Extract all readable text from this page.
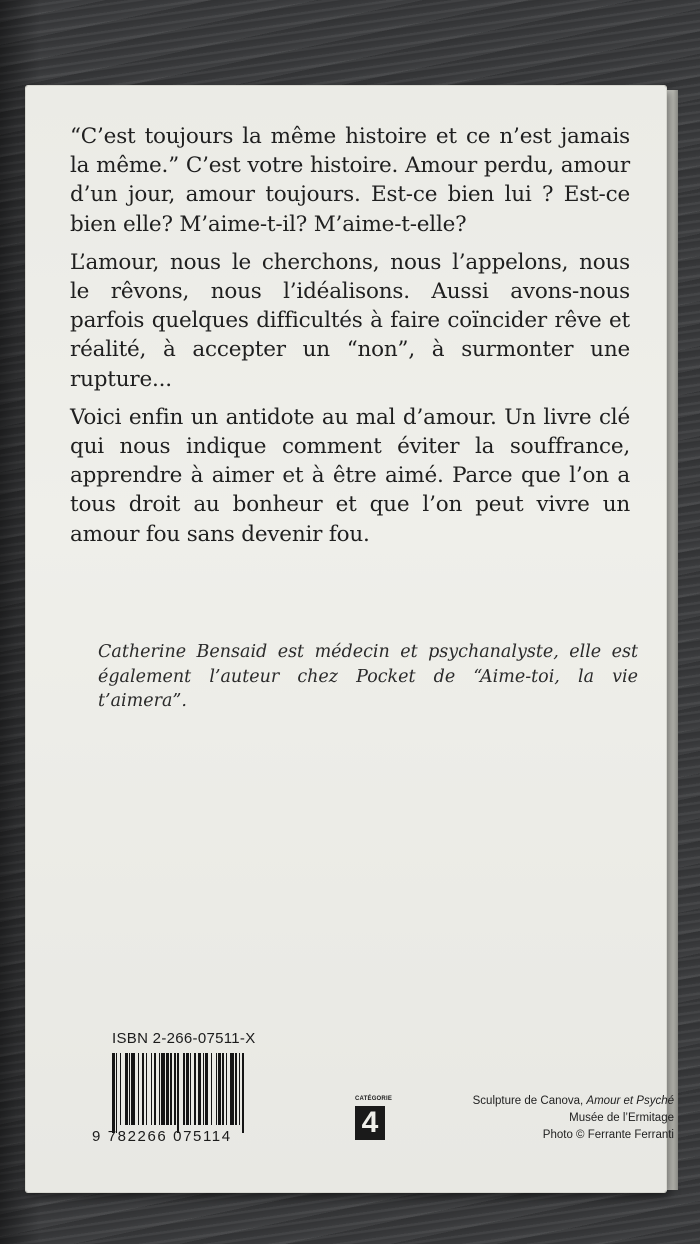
“C’est toujours la même histoire et ce n’est jamais la même.” C’est votre histoire. Amour perdu, amour d’un jour, amour toujours. Est-ce bien lui ? Est-ce bien elle? M’aime-t-il? M’aime-t-elle?

L’amour, nous le cherchons, nous l’appelons, nous le rêvons, nous l’idéalisons. Aussi avons-nous parfois quelques difficultés à faire coïncider rêve et réalité, à accepter un “non”, à surmonter une rupture...

Voici enfin un antidote au mal d’amour. Un livre clé qui nous indique comment éviter la souffrance, apprendre à aimer et à être aimé. Parce que l’on a tous droit au bonheur et que l’on peut vivre un amour fou sans devenir fou.

Catherine Bensaid est médecin et psychanalyste, elle est également l’auteur chez Pocket de “Aime-toi, la vie t’aimera”.
ISBN 2-266-07511-X
9 782266 075114
CATÉGORIE
4
Sculpture de Canova, Amour et Psyché
Musée de l’Ermitage
Photo © Ferrante Ferranti
